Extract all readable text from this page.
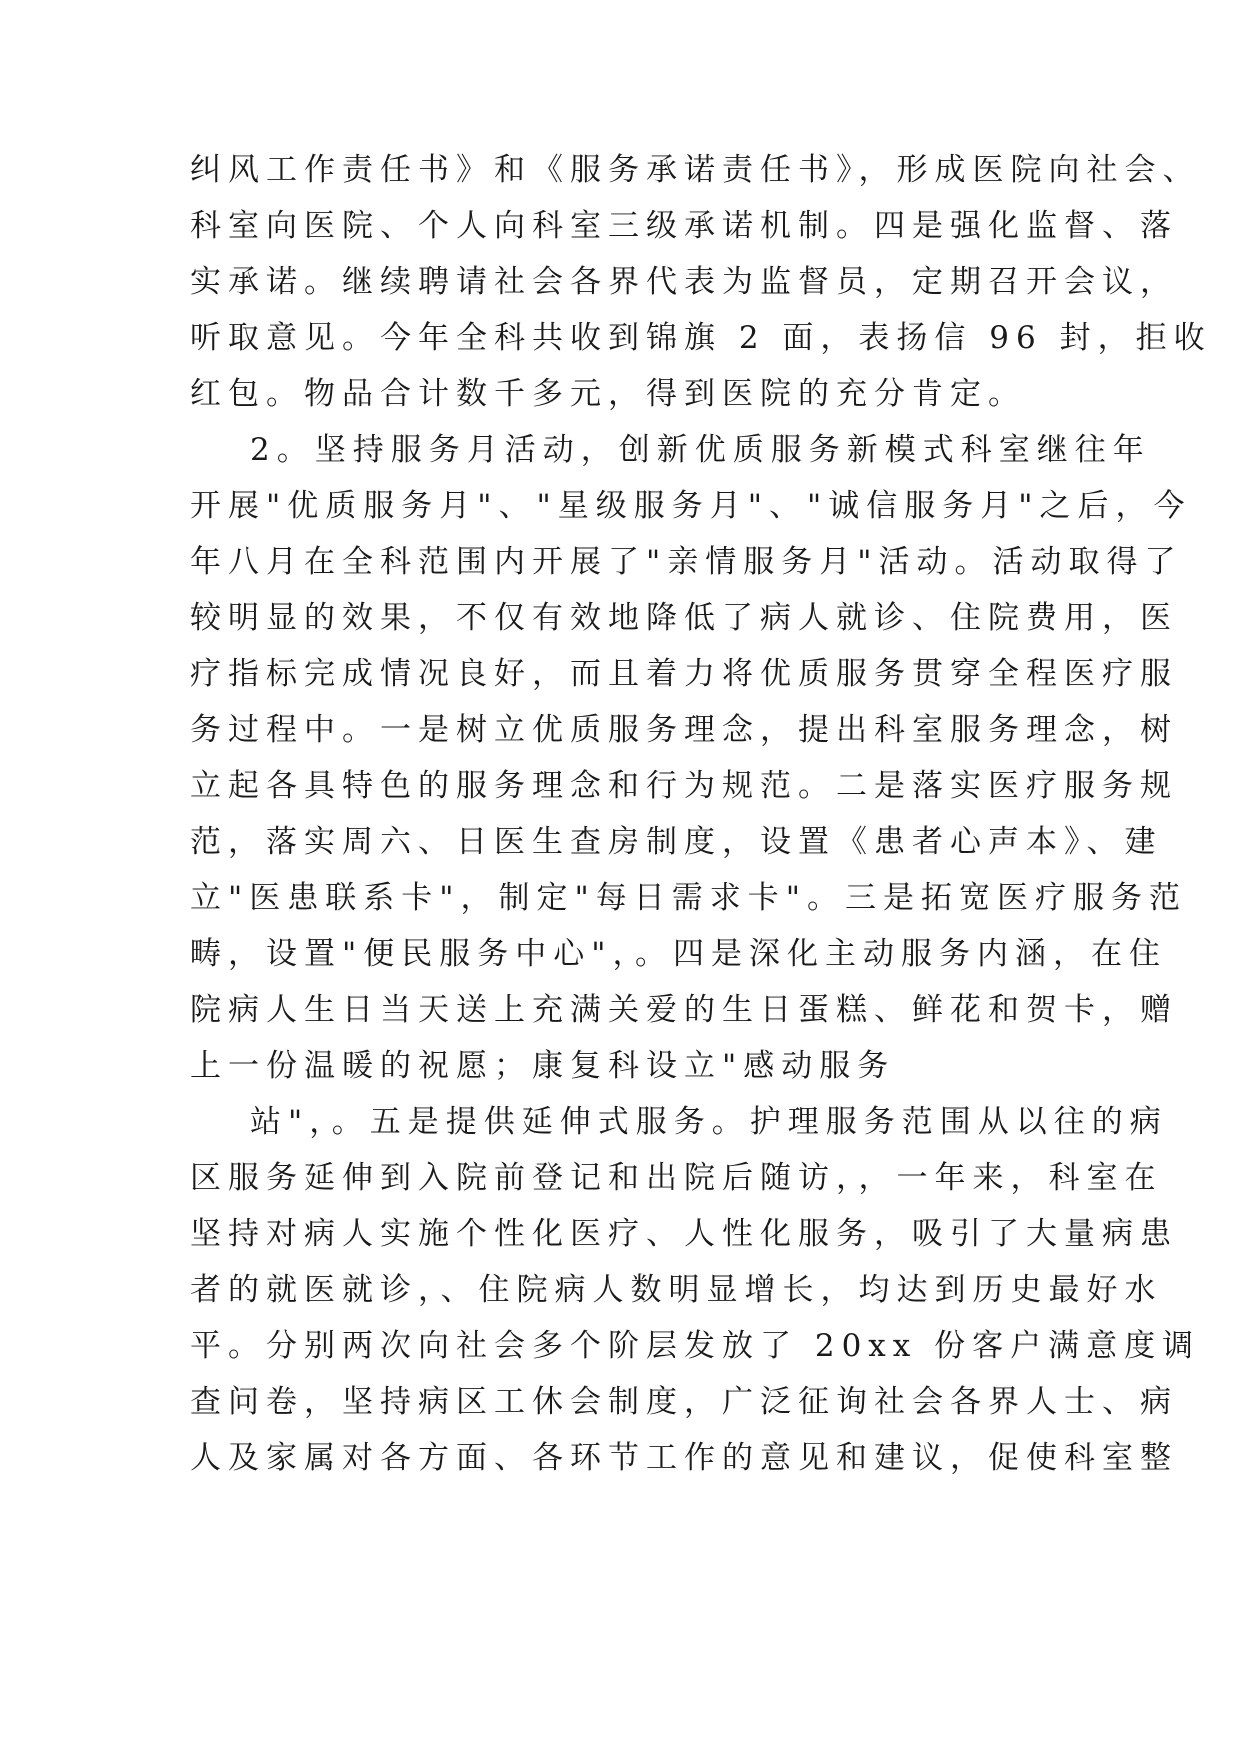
纠风工作责任书》和《服务承诺责任书》，形成医院向社会、
科室向医院、个人向科室三级承诺机制。四是强化监督、落
实承诺。继续聘请社会各界代表为监督员，定期召开会议，
听取意见。今年全科共收到锦旗 2 面，表扬信 96 封，拒收
红包。物品合计数千多元，得到医院的充分肯定。
2。坚持服务月活动，创新优质服务新模式科室继往年
开展"优质服务月"、"星级服务月"、"诚信服务月"之后，今
年八月在全科范围内开展了"亲情服务月"活动。活动取得了
较明显的效果，不仅有效地降低了病人就诊、住院费用，医
疗指标完成情况良好，而且着力将优质服务贯穿全程医疗服
务过程中。一是树立优质服务理念，提出科室服务理念，树
立起各具特色的服务理念和行为规范。二是落实医疗服务规
范，落实周六、日医生查房制度，设置《患者心声本》、建
立"医患联系卡"，制定"每日需求卡"。三是拓宽医疗服务范
畴，设置"便民服务中心"，。四是深化主动服务内涵，在住
院病人生日当天送上充满关爱的生日蛋糕、鲜花和贺卡，赠
上一份温暖的祝愿；康复科设立"感动服务
站"，。五是提供延伸式服务。护理服务范围从以往的病
区服务延伸到入院前登记和出院后随访，，一年来，科室在
坚持对病人实施个性化医疗、人性化服务，吸引了大量病患
者的就医就诊，、住院病人数明显增长，均达到历史最好水
平。分别两次向社会多个阶层发放了 20xx 份客户满意度调
查问卷，坚持病区工休会制度，广泛征询社会各界人士、病
人及家属对各方面、各环节工作的意见和建议，促使科室整
